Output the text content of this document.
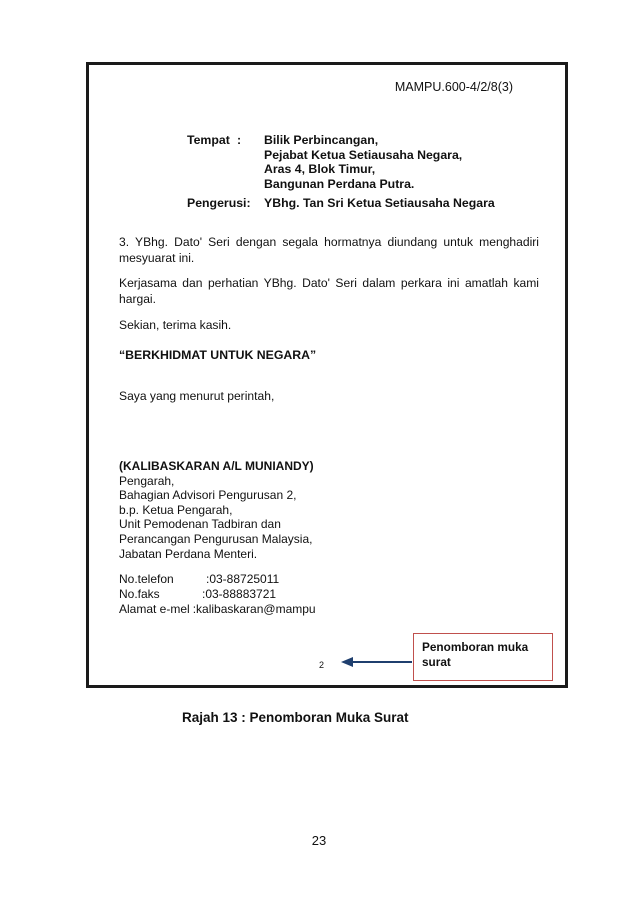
MAMPU.600-4/2/8(3)
Tempat : Bilik Perbincangan,
Pejabat Ketua Setiausaha Negara,
Aras 4, Blok Timur,
Bangunan Perdana Putra.
Pengerusi: YBhg. Tan Sri Ketua Setiausaha Negara
3. YBhg. Dato' Seri dengan segala hormatnya diundang untuk menghadiri mesyuarat ini.
Kerjasama dan perhatian YBhg. Dato' Seri dalam perkara ini amatlah kami hargai.
Sekian, terima kasih.
“BERKHIDMAT UNTUK NEGARA”
Saya yang menurut perintah,
(KALIBASKARAN A/L MUNIANDY)
Pengarah,
Bahagian Advisori Pengurusan 2,
b.p. Ketua Pengarah,
Unit Pemodenan Tadbiran dan
Perancangan Pengurusan Malaysia,
Jabatan Perdana Menteri.
No.telefon	:03-88725011
No.faks	:03-88883721
Alamat e-mel :kalibaskaran@mampu
2
Penomboran muka
surat
Rajah 13 : Penomboran Muka Surat
23
